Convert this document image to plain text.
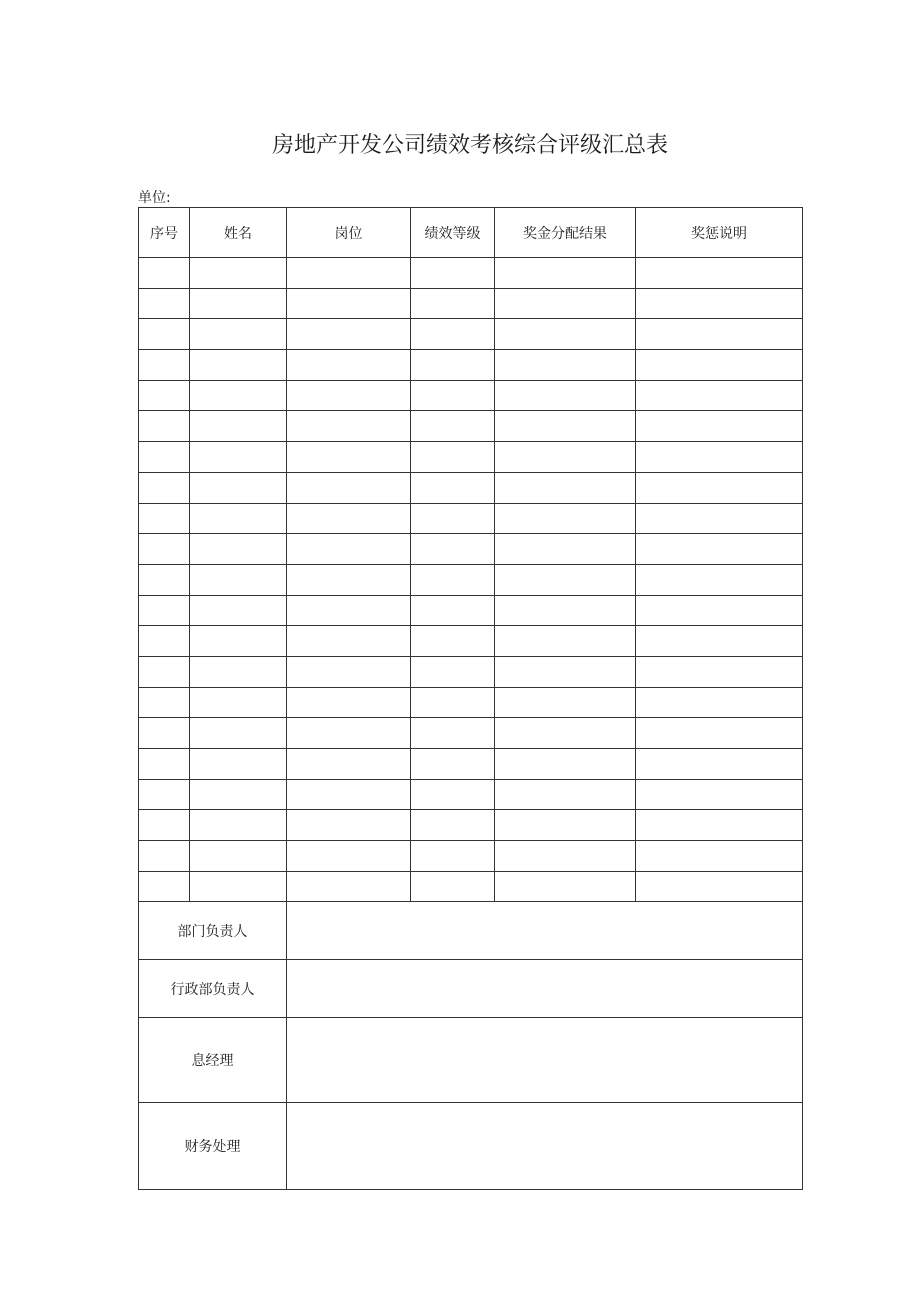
房地产开发公司绩效考核综合评级汇总表
单位:
序号	姓名	岗位	绩效等级	奖金分配结果	奖惩说明

部门负责人					
行政部负责人					
息经理					
财务处理					
